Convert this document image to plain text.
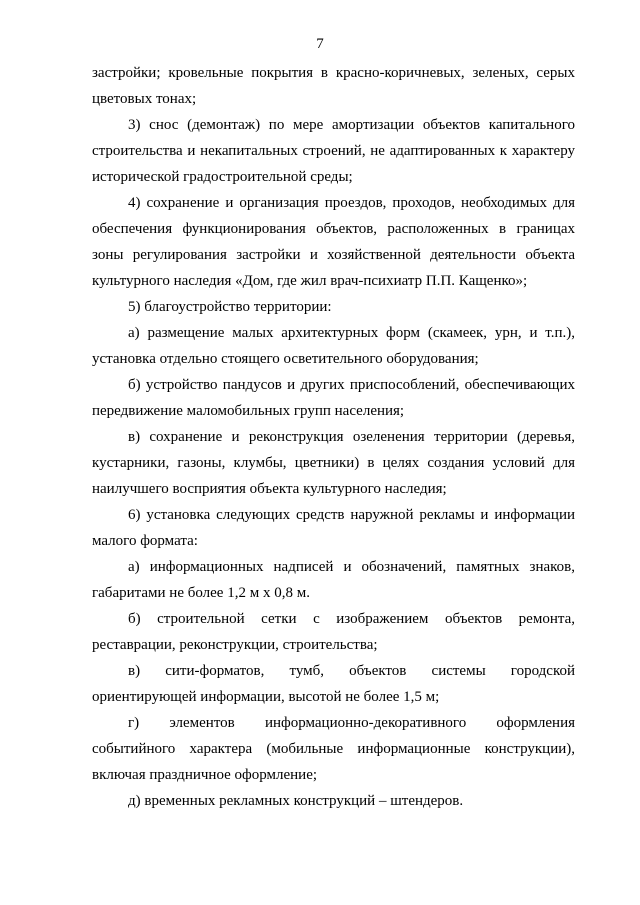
7

застройки; кровельные покрытия в красно-коричневых, зеленых, серых цветовых тонах;

3) снос (демонтаж) по мере амортизации объектов капитального строительства и некапитальных строений, не адаптированных к характеру исторической градостроительной среды;

4) сохранение и организация проездов, проходов, необходимых для обеспечения функционирования объектов, расположенных в границах зоны регулирования застройки и хозяйственной деятельности объекта культурного наследия «Дом, где жил врач-психиатр П.П. Кащенко»;

5) благоустройство территории:

а) размещение малых архитектурных форм (скамеек, урн, и т.п.), установка отдельно стоящего осветительного оборудования;

б) устройство пандусов и других приспособлений, обеспечивающих передвижение маломобильных групп населения;

в) сохранение и реконструкция озеленения территории (деревья, кустарники, газоны, клумбы, цветники) в целях создания условий для наилучшего восприятия объекта культурного наследия;

6) установка следующих средств наружной рекламы и информации малого формата:

а) информационных надписей и обозначений, памятных знаков, габаритами не более 1,2 м х 0,8 м.

б) строительной сетки с изображением объектов ремонта, реставрации, реконструкции, строительства;

в) сити-форматов, тумб, объектов системы городской ориентирующей информации, высотой не более 1,5 м;

г) элементов информационно-декоративного оформления событийного характера (мобильные информационные конструкции), включая праздничное оформление;

д) временных рекламных конструкций – штендеров.
